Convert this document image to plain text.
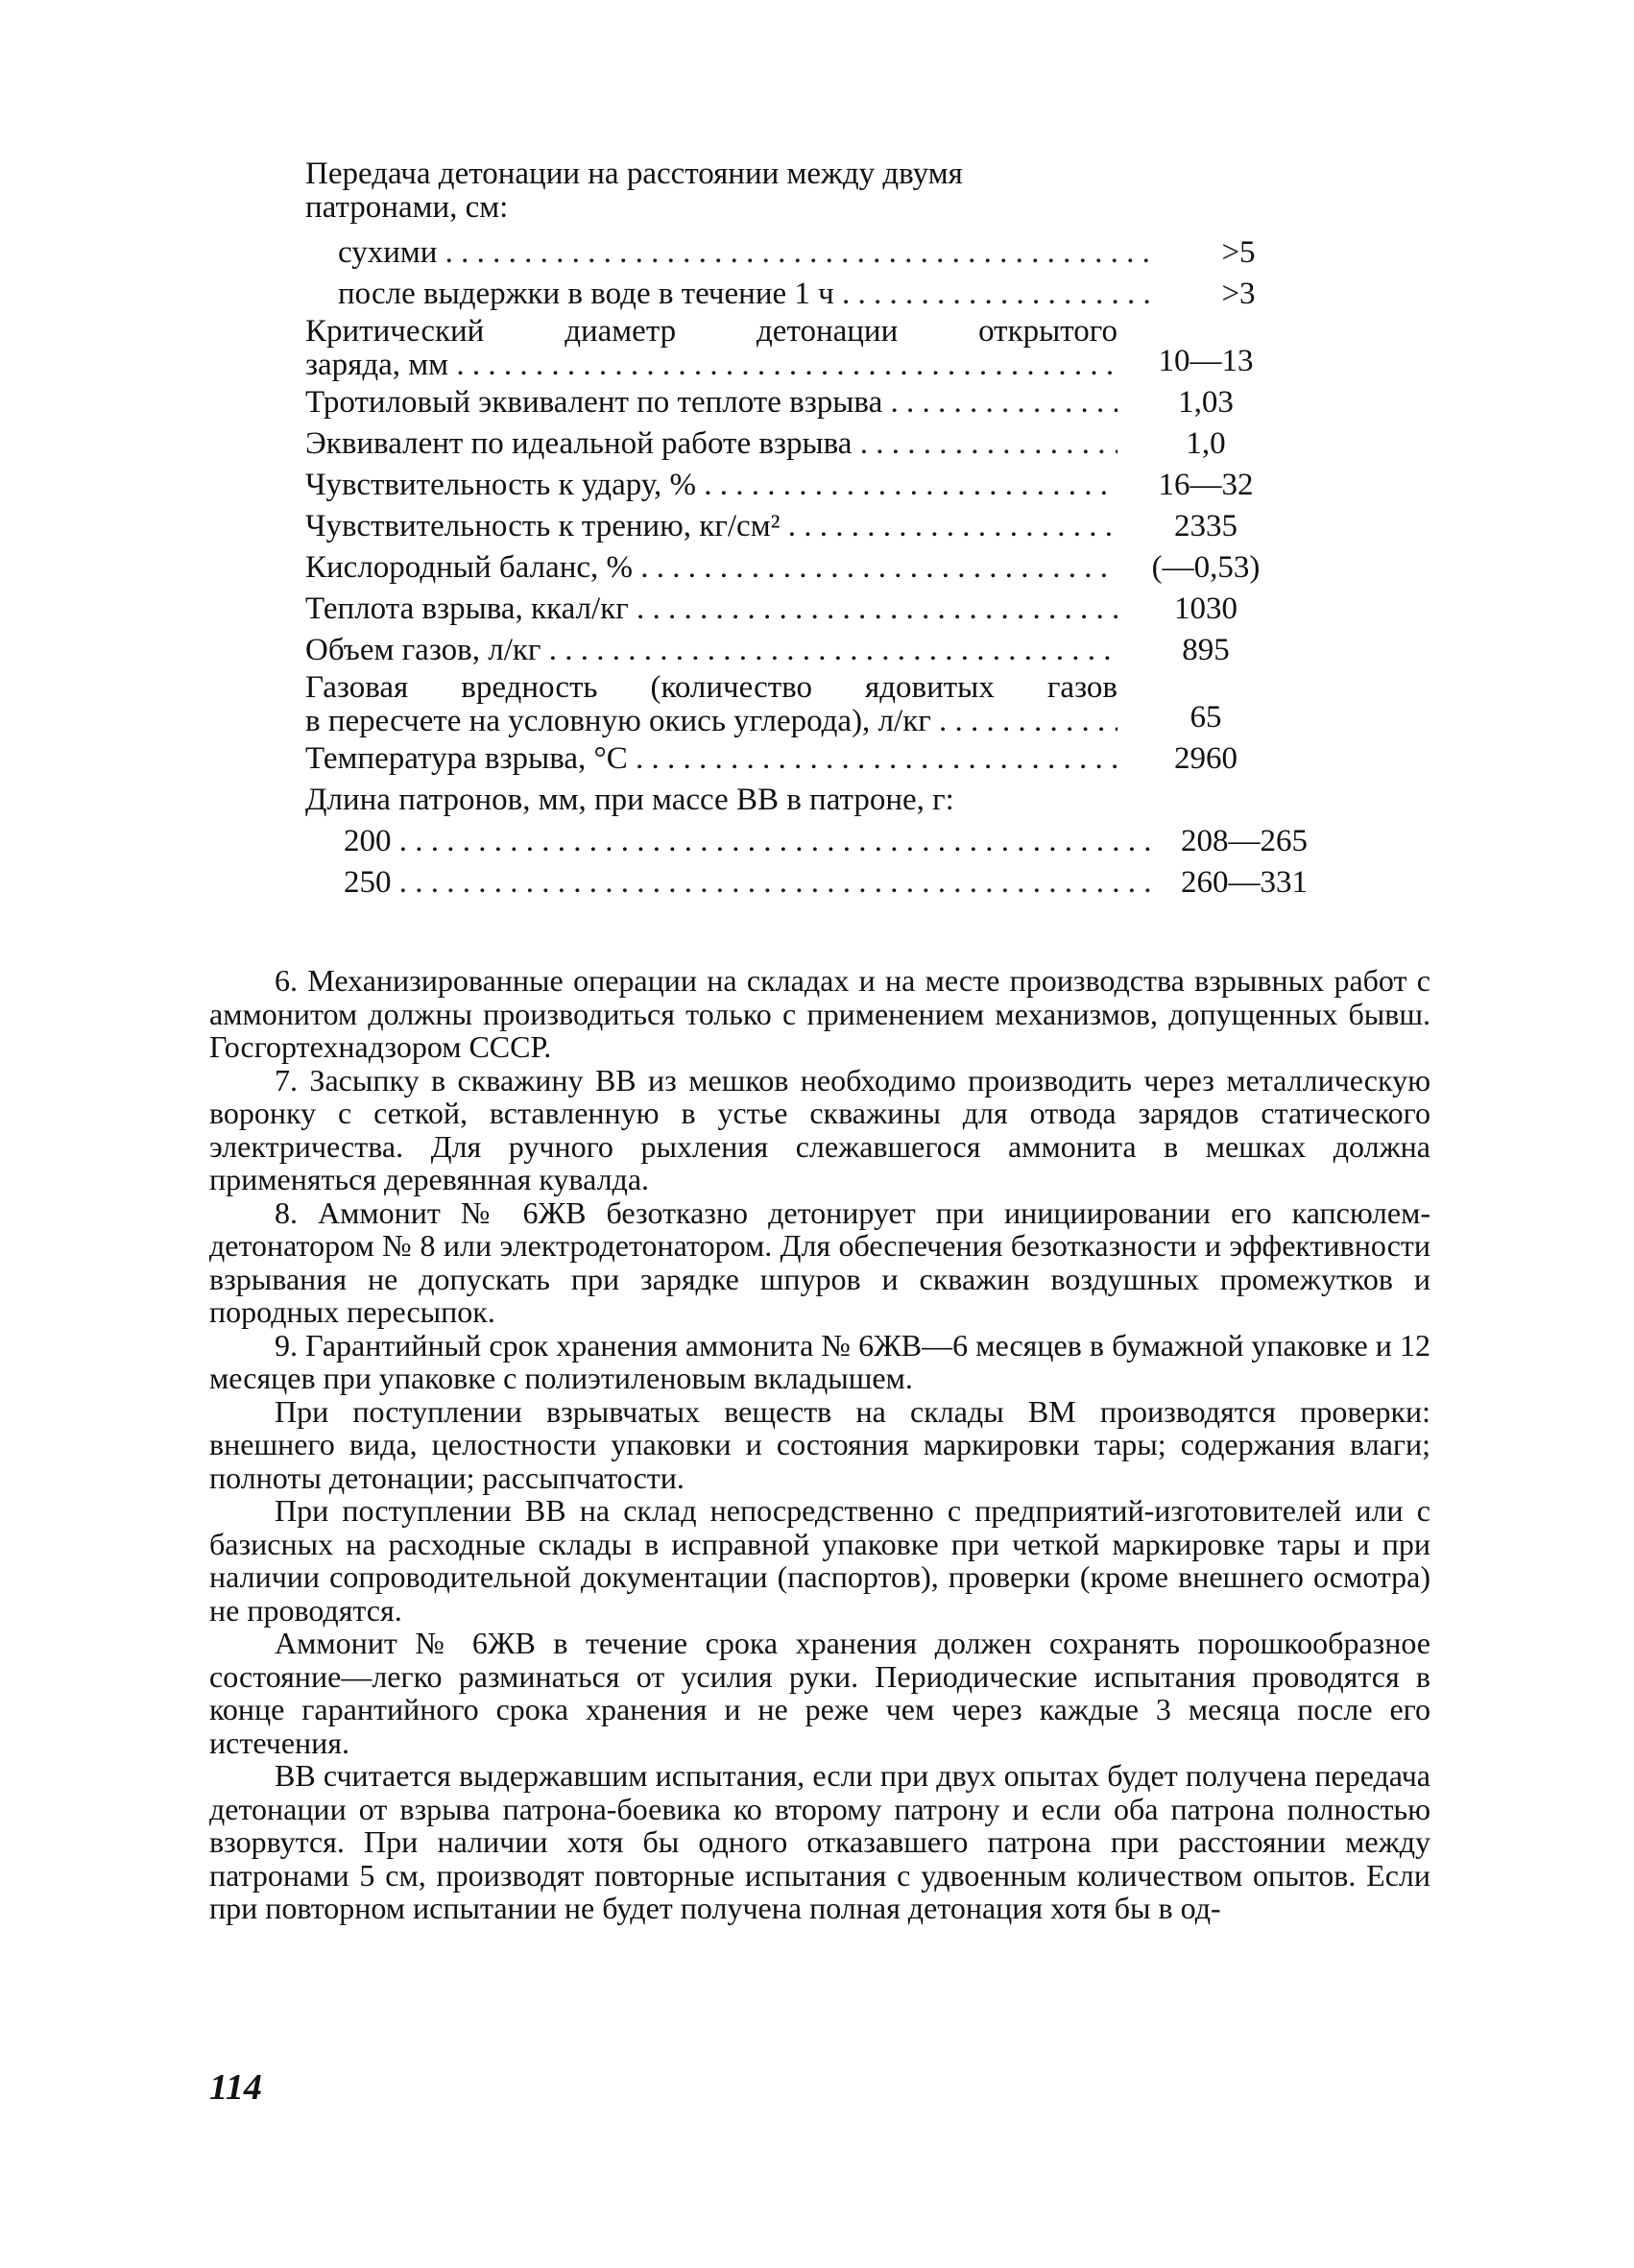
Передача детонации на расстоянии между двумя патронами, см:
сухими . . .	>5
после выдержки в воде в течение 1 ч . . .	>3
Критический диаметр детонации открытого
заряда, мм . . .	10—13
Тротиловый эквивалент по теплоте взрыва . . .	1,03
Эквивалент по идеальной работе взрыва . . .	1,0
Чувствительность к удару, % . . .	16—32
Чувствительность к трению, кг/см² . . .	2335
Кислородный баланс, % . . .	(—0,53)
Теплота взрыва, ккал/кг . . .	1030
Объем газов, л/кг . . .	895
Газовая вредность (количество ядовитых газов
в пересчете на условную окись углерода), л/кг . . .	65
Температура взрыва, °С . . .	2960
Длина патронов, мм, при массе ВВ в патроне, г:
200 . . .	208—265
250 . . .	260—331

6. Механизированные операции на складах и на месте производства взрывных работ с аммонитом должны производиться только с применением механизмов, допущенных бывш. Госгортехнадзором СССР.

7. Засыпку в скважину ВВ из мешков необходимо производить через металлическую воронку с сеткой, вставленную в устье скважины для отвода зарядов статического электричества. Для ручного рыхления слежавшегося аммонита в мешках должна применяться деревянная кувалда.

8. Аммонит № 6ЖВ безотказно детонирует при инициировании его капсюлем-детонатором № 8 или электродетонатором. Для обеспечения безотказности и эффективности взрывания не допускать при зарядке шпуров и скважин воздушных промежутков и породных пересыпок.

9. Гарантийный срок хранения аммонита № 6ЖВ—6 месяцев в бумажной упаковке и 12 месяцев при упаковке с полиэтиленовым вкладышем.

При поступлении взрывчатых веществ на склады ВМ производятся проверки: внешнего вида, целостности упаковки и состояния маркировки тары; содержания влаги; полноты детонации; рассыпчатости.

При поступлении ВВ на склад непосредственно с предприятий-изготовителей или с базисных на расходные склады в исправной упаковке при четкой маркировке тары и при наличии сопроводительной документации (паспортов), проверки (кроме внешнего осмотра) не проводятся.

Аммонит № 6ЖВ в течение срока хранения должен сохранять порошкообразное состояние—легко разминаться от усилия руки. Периодические испытания проводятся в конце гарантийного срока хранения и не реже чем через каждые 3 месяца после его истечения.

ВВ считается выдержавшим испытания, если при двух опытах будет получена передача детонации от взрыва патрона-боевика ко второму патрону и если оба патрона полностью взорвутся. При наличии хотя бы одного отказавшего патрона при расстоянии между патронами 5 см, производят повторные испытания с удвоенным количеством опытов. Если при повторном испытании не будет получена полная детонация хотя бы в од-

114
